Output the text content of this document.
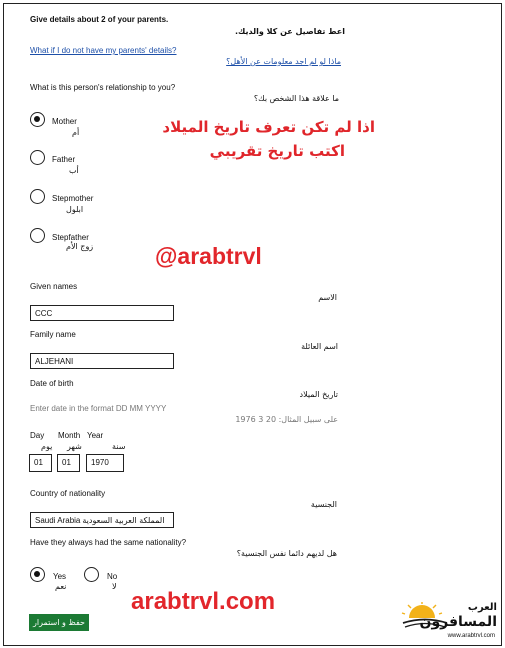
Give details about 2 of your parents.
اعط تفاصيل عن كلا والديك.
What if I do not have my parents' details?
ماذا لو لم اجد معلومات عن الأهل؟
What is this person's relationship to you?
ما علاقة هذا الشخص بك؟
Mother
أم
Father
أب
Stepmother
ابلول
Stepfather
زوج الأم
اذا لم تكن تعرف تاريخ الميلاد
اكتب تاريخ تقريبي
@arabtrvl
Given names
الاسم
CCC
Family name
اسم العائلة
ALJEHANI
Date of birth
تاريخ الميلاد
Enter date in the format DD MM YYYY
على سبيل المثال: 20 3 1976
Day
يوم
Month
شهر
Year
سنة
01	01	1970
Country of nationality
الجنسية
Saudi Arabia المملكة العربية السعودية
Have they always had the same nationality?
هل لديهم دائما نفس الجنسية؟
Yes
نعم
No
لا
arabtrvl.com
حفظ و استمرار
العرب
المسافرون
www.arabtrvl.com
